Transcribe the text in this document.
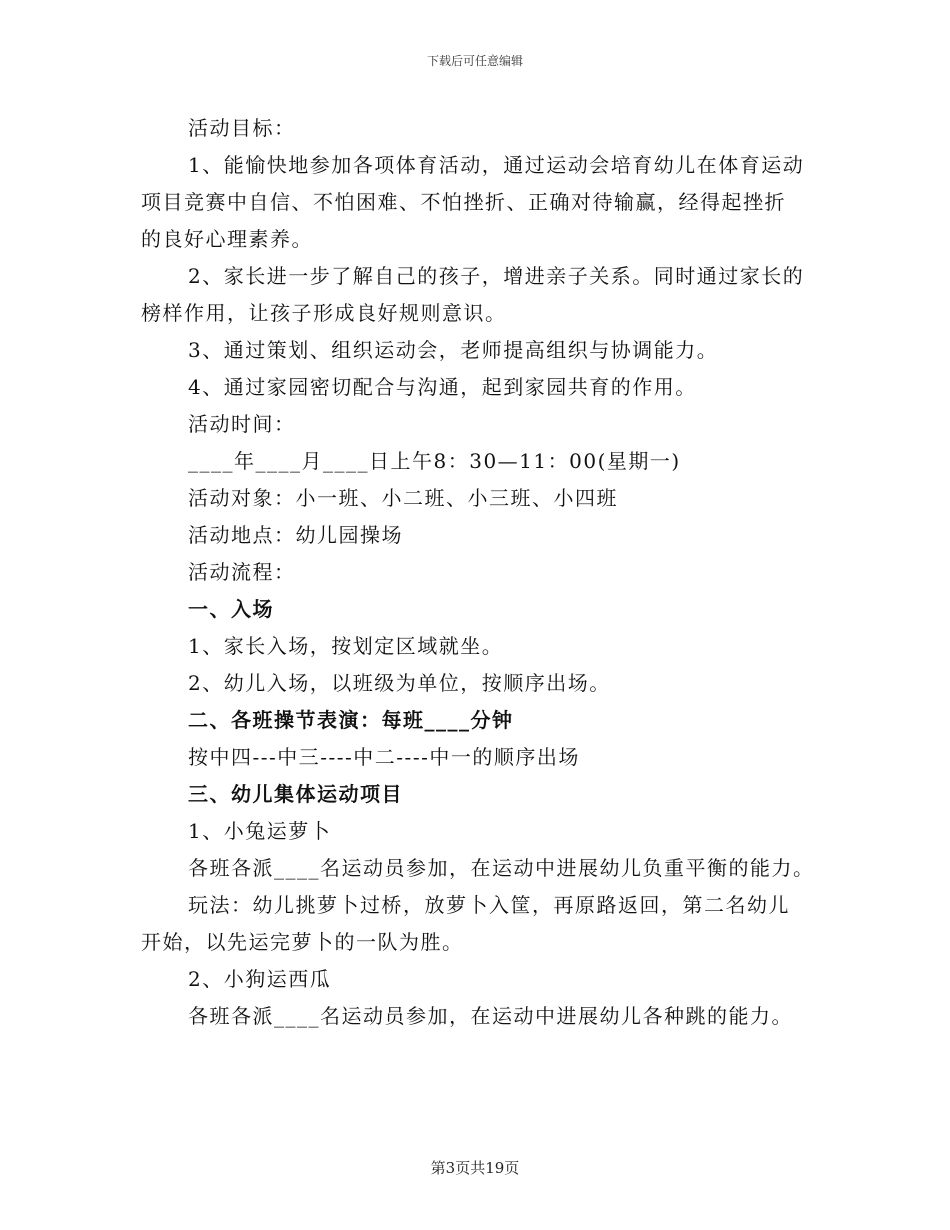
下载后可任意编辑
活动目标：
1、能愉快地参加各项体育活动，通过运动会培育幼儿在体育运动
项目竞赛中自信、不怕困难、不怕挫折、正确对待输赢，经得起挫折
的良好心理素养。
2、家长进一步了解自己的孩子，增进亲子关系。同时通过家长的
榜样作用，让孩子形成良好规则意识。
3、通过策划、组织运动会，老师提高组织与协调能力。
4、通过家园密切配合与沟通，起到家园共育的作用。
活动时间：
____年____月____日上午8：30—11：00(星期一)
活动对象：小一班、小二班、小三班、小四班
活动地点：幼儿园操场
活动流程：
一、入场
1、家长入场，按划定区域就坐。
2、幼儿入场，以班级为单位，按顺序出场。
二、各班操节表演：每班____分钟
按中四---中三----中二----中一的顺序出场
三、幼儿集体运动项目
1、小兔运萝卜
各班各派____名运动员参加，在运动中进展幼儿负重平衡的能力。
玩法：幼儿挑萝卜过桥，放萝卜入筐，再原路返回，第二名幼儿
开始，以先运完萝卜的一队为胜。
2、小狗运西瓜
各班各派____名运动员参加，在运动中进展幼儿各种跳的能力。
第3页共19页
